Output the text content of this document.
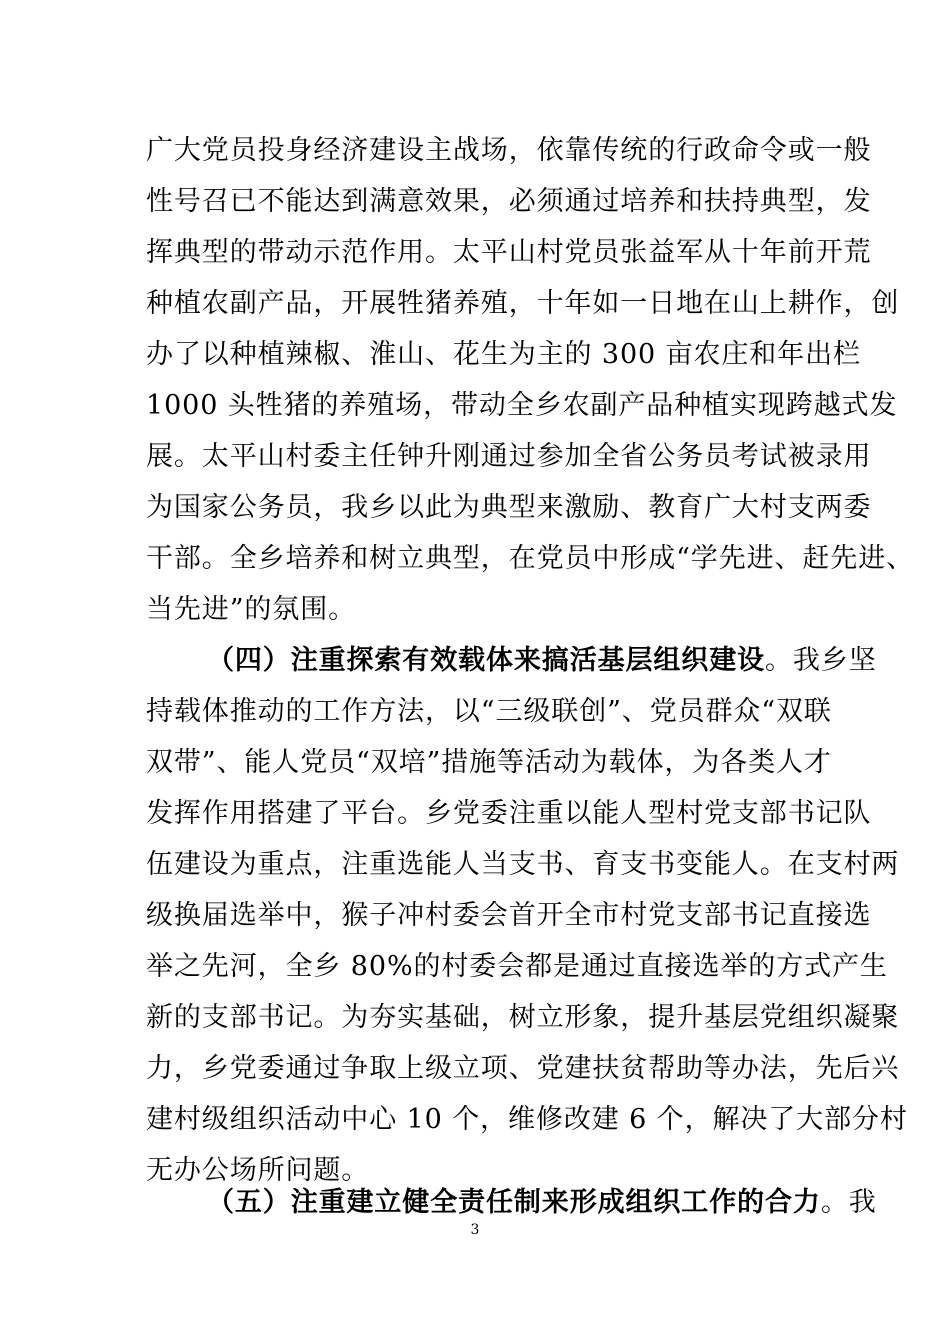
广大党员投身经济建设主战场，依靠传统的行政命令或一般
性号召已不能达到满意效果，必须通过培养和扶持典型，发
挥典型的带动示范作用。太平山村党员张益军从十年前开荒
种植农副产品，开展牲猪养殖，十年如一日地在山上耕作，创
办了以种植辣椒、淮山、花生为主的 300 亩农庄和年出栏
1000 头牲猪的养殖场，带动全乡农副产品种植实现跨越式发
展。太平山村委主任钟升刚通过参加全省公务员考试被录用
为国家公务员，我乡以此为典型来激励、教育广大村支两委
干部。全乡培养和树立典型，在党员中形成“学先进、赶先进、
当先进”的氛围。
（四）注重探索有效载体来搞活基层组织建设。我乡坚
持载体推动的工作方法，以“三级联创”、党员群众“双联
双带”、能人党员“双培”措施等活动为载体，为各类人才
发挥作用搭建了平台。乡党委注重以能人型村党支部书记队
伍建设为重点，注重选能人当支书、育支书变能人。在支村两
级换届选举中，猴子冲村委会首开全市村党支部书记直接选
举之先河，全乡 80%的村委会都是通过直接选举的方式产生
新的支部书记。为夯实基础，树立形象，提升基层党组织凝聚
力，乡党委通过争取上级立项、党建扶贫帮助等办法，先后兴
建村级组织活动中心 10 个，维修改建 6 个，解决了大部分村
无办公场所问题。
（五）注重建立健全责任制来形成组织工作的合力。我
3
